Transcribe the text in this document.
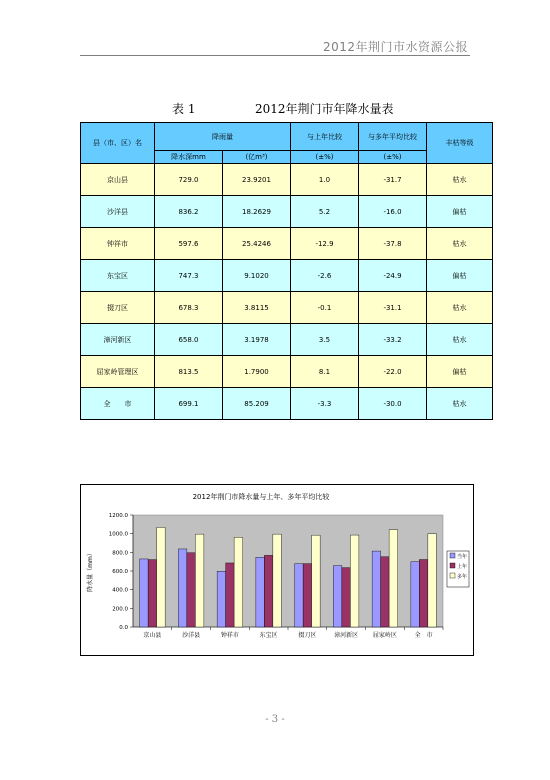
2012年荆门市水资源公报
表 1	2012年荆门市年降水量表
县（市、区）名	降雨量		与上年比较	与多年平均比较	丰枯等级
	降水深mm	(亿m³)	(±%)	(±%)	
京山县	729.0	23.9201	1.0	-31.7	枯水
沙洋县	836.2	18.2629	5.2	-16.0	偏枯
钟祥市	597.6	25.4246	-12.9	-37.8	枯水
东宝区	747.3	9.1020	-2.6	-24.9	偏枯
掇刀区	678.3	3.8115	-0.1	-31.1	枯水
漳河新区	658.0	3.1978	3.5	-33.2	枯水
屈家岭管理区	813.5	1.7900	8.1	-22.0	偏枯
全　　市	699.1	85.209	-3.3	-30.0	枯水
2012年荆门市降水量与上年、多年平均比较
0.0
200.0
400.0
600.0
800.0
1000.0
1200.0
降水量（mm）
京山县	沙洋县	钟祥市	东宝区	掇刀区	漳河新区 屈家岭区	全　市
当年
上年
多年
- 3 -
